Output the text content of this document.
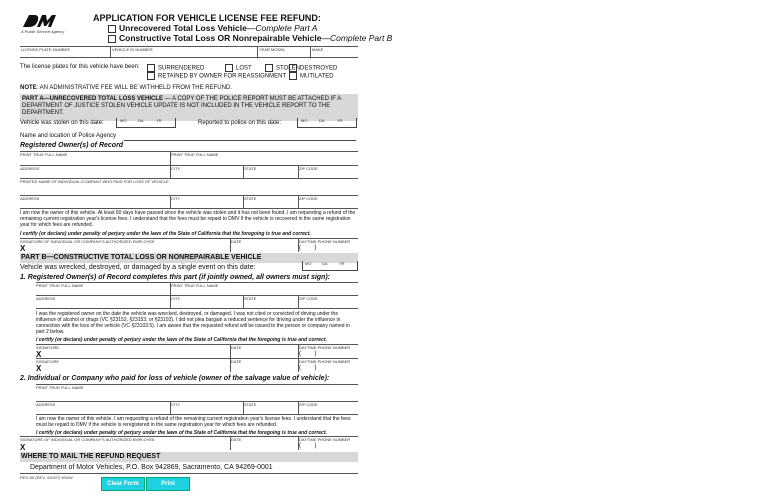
A Public Service Agency
APPLICATION FOR VEHICLE LICENSE FEE REFUND:
Unrecovered Total Loss Vehicle—Complete Part A
Constructive Total Loss OR Nonrepairable Vehicle—Complete Part B
LICENSE PLATE NUMBER	VEHICLE ID NUMBER	YEAR MODEL	MAKE
The license plates for this vehicle have been:	SURRENDERED	LOST	STOLEN DESTROYED
RETAINED BY OWNER FOR REASSIGNMENT	MUTILATED
NOTE: AN ADMINISTRATIVE FEE WILL BE WITHHELD FROM THE REFUND.
PART A—UNRECOVERED TOTAL LOSS VEHICLE — A COPY OF THE POLICE REPORT MUST BE ATTACHED IF A DEPARTMENT OF JUSTICE STOLEN VEHICLE UPDATE IS NOT INCLUDED IN THE VEHICLE REPORT TO THE DEPARTMENT.
Vehicle was stolen on this date:	MO	DA	YR	Reported to police on this date:	MO	DA	YR
Name and location of Police Agency
Registered Owner(s) of Record
PRINT TRUE FULL NAME	PRINT TRUE FULL NAME
ADDRESS	CITY	STATE	ZIP CODE
PRINTED NAME OF INDIVIDUAL/COMPANY WHO PAID FOR LOSS OF VEHICLE
ADDRESS	CITY	STATE	ZIP CODE
I am now the owner of this vehicle. At least 60 days have passed since the vehicle was stolen and it has not been found. I am requesting a refund of the remaining current registration year's license fees. I understand that the fees must be repaid to DMV if the vehicle is recovered in the same registration year for which fees are refunded.
I certify (or declare) under penalty of perjury under the laws of the State of California that the foregoing is true and correct.
SIGNATURE OF INDIVIDUAL OR COMPANY'S AUTHORIZED EMPLOYEE
X
DATE	DAYTIME PHONE NUMBER
(        )
PART B—CONSTRUCTIVE TOTAL LOSS OR NONREPAIRABLE VEHICLE
Vehicle was wrecked, destroyed, or damaged by a single event on this date:
MO	DA	YR
1. Registered Owner(s) of Record completes this part (if jointly owned, all owners must sign):
PRINT TRUE FULL NAME	PRINT TRUE FULL NAME
ADDRESS	CITY	STATE	ZIP CODE
I was the registered owner on the date the vehicle was wrecked, destroyed, or damaged. I was not cited or convicted of driving under the influence of alcohol or drugs (VC §23152, §23153, or §23103). I did not plea bargain a reduced sentence for driving under the influence in connection with the loss of the vehicle (VC §23103.5). I am aware that the requested refund will be issued to the person or company named in part 2 below.
I certify (or declare) under penalty of perjury under the laws of the State of California that the foregoing is true and correct.
SIGNATURE
X
DATE	DAYTIME PHONE NUMBER
(        )
SIGNATURE
X
DATE	DAYTIME PHONE NUMBER
(        )
2. Individual or Company who paid for loss of vehicle (owner of the salvage value of vehicle):
PRINT TRUE FULL NAME
ADDRESS	CITY	STATE	ZIP CODE
I am now the owner of this vehicle. I am requesting a refund of the remaining current registration year's license fees. I understand that the fees must be repaid to DMV if the vehicle is reregistered in the same registration year for which fees are refunded.
I certify (or declare) under penalty of perjury under the laws of the State of California that the foregoing is true and correct.
SIGNATURE OF INDIVIDUAL OR COMPANY'S AUTHORIZED EMPLOYEE
X
DATE	DAYTIME PHONE NUMBER
(        )
WHERE TO MAIL THE REFUND REQUEST
Department of Motor Vehicles, P.O. Box 942869, Sacramento, CA 94269-0001
REG 65 (REV. 4/2007) WWW
Clear Form	Print
